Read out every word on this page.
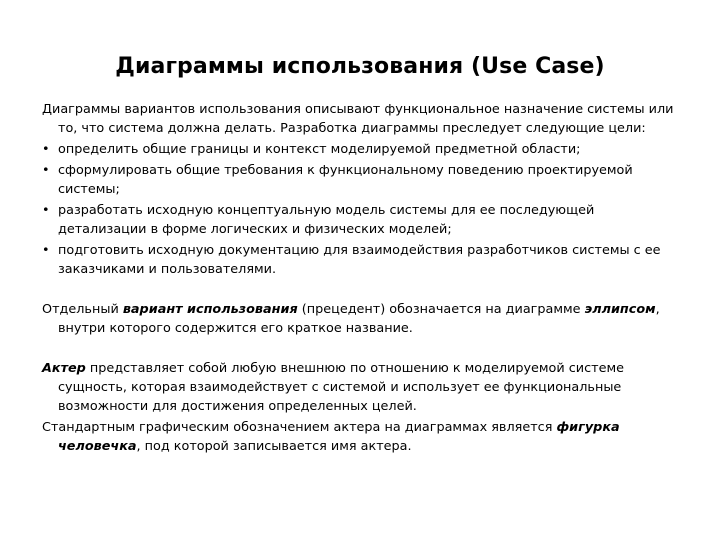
Диаграммы использования (Use Case)

Диаграммы вариантов использования описывают функциональное назначение системы или то, что система должна делать. Разработка диаграммы преследует следующие цели:

• определить общие границы и контекст моделируемой предметной области;

• сформулировать общие требования к функциональному поведению проектируемой системы;

• разработать исходную концептуальную модель системы для ее последующей детализации в форме логических и физических моделей;

• подготовить исходную документацию для взаимодействия разработчиков системы с ее заказчиками и пользователями.

Отдельный вариант использования (прецедент) обозначается на диаграмме эллипсом, внутри которого содержится его краткое название.

Актер представляет собой любую внешнюю по отношению к моделируемой системе сущность, которая взаимодействует с системой и использует ее функциональные возможности для достижения определенных целей.

Стандартным графическим обозначением актера на диаграммах является фигурка человечка, под которой записывается имя актера.
